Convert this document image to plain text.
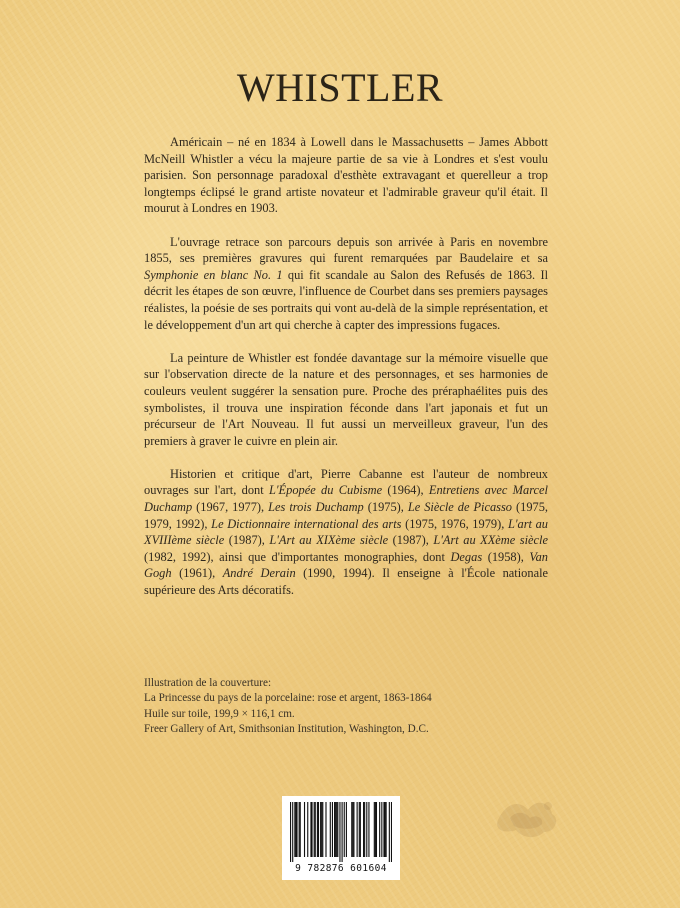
WHISTLER

Américain – né en 1834 à Lowell dans le Massachusetts – James Abbott McNeill Whistler a vécu la majeure partie de sa vie à Londres et s'est voulu parisien. Son personnage paradoxal d'esthète extravagant et querelleur a trop longtemps éclipsé le grand artiste novateur et l'admirable graveur qu'il était. Il mourut à Londres en 1903.

L'ouvrage retrace son parcours depuis son arrivée à Paris en novembre 1855, ses premières gravures qui furent remarquées par Baudelaire et sa Symphonie en blanc No. 1 qui fit scandale au Salon des Refusés de 1863. Il décrit les étapes de son œuvre, l'influence de Courbet dans ses premiers paysages réalistes, la poésie de ses portraits qui vont au-delà de la simple représentation, et le développement d'un art qui cherche à capter des impressions fugaces.

La peinture de Whistler est fondée davantage sur la mémoire visuelle que sur l'observation directe de la nature et des personnages, et ses harmonies de couleurs veulent suggérer la sensation pure. Proche des préraphaélites puis des symbolistes, il trouva une inspiration féconde dans l'art japonais et fut un précurseur de l'Art Nouveau. Il fut aussi un merveilleux graveur, l'un des premiers à graver le cuivre en plein air.

Historien et critique d'art, Pierre Cabanne est l'auteur de nombreux ouvrages sur l'art, dont L'Épopée du Cubisme (1964), Entretiens avec Marcel Duchamp (1967, 1977), Les trois Duchamp (1975), Le Siècle de Picasso (1975, 1979, 1992), Le Dictionnaire international des arts (1975, 1976, 1979), L'art au XVIIIème siècle (1987), L'Art au XIXème siècle (1987), L'Art au XXème siècle (1982, 1992), ainsi que d'importantes monographies, dont Degas (1958), Van Gogh (1961), André Derain (1990, 1994). Il enseigne à l'École nationale supérieure des Arts décoratifs.

Illustration de la couverture:
La Princesse du pays de la porcelaine: rose et argent, 1863-1864
Huile sur toile, 199,9 × 116,1 cm.
Freer Gallery of Art, Smithsonian Institution, Washington, D.C.
9 782876 601604
